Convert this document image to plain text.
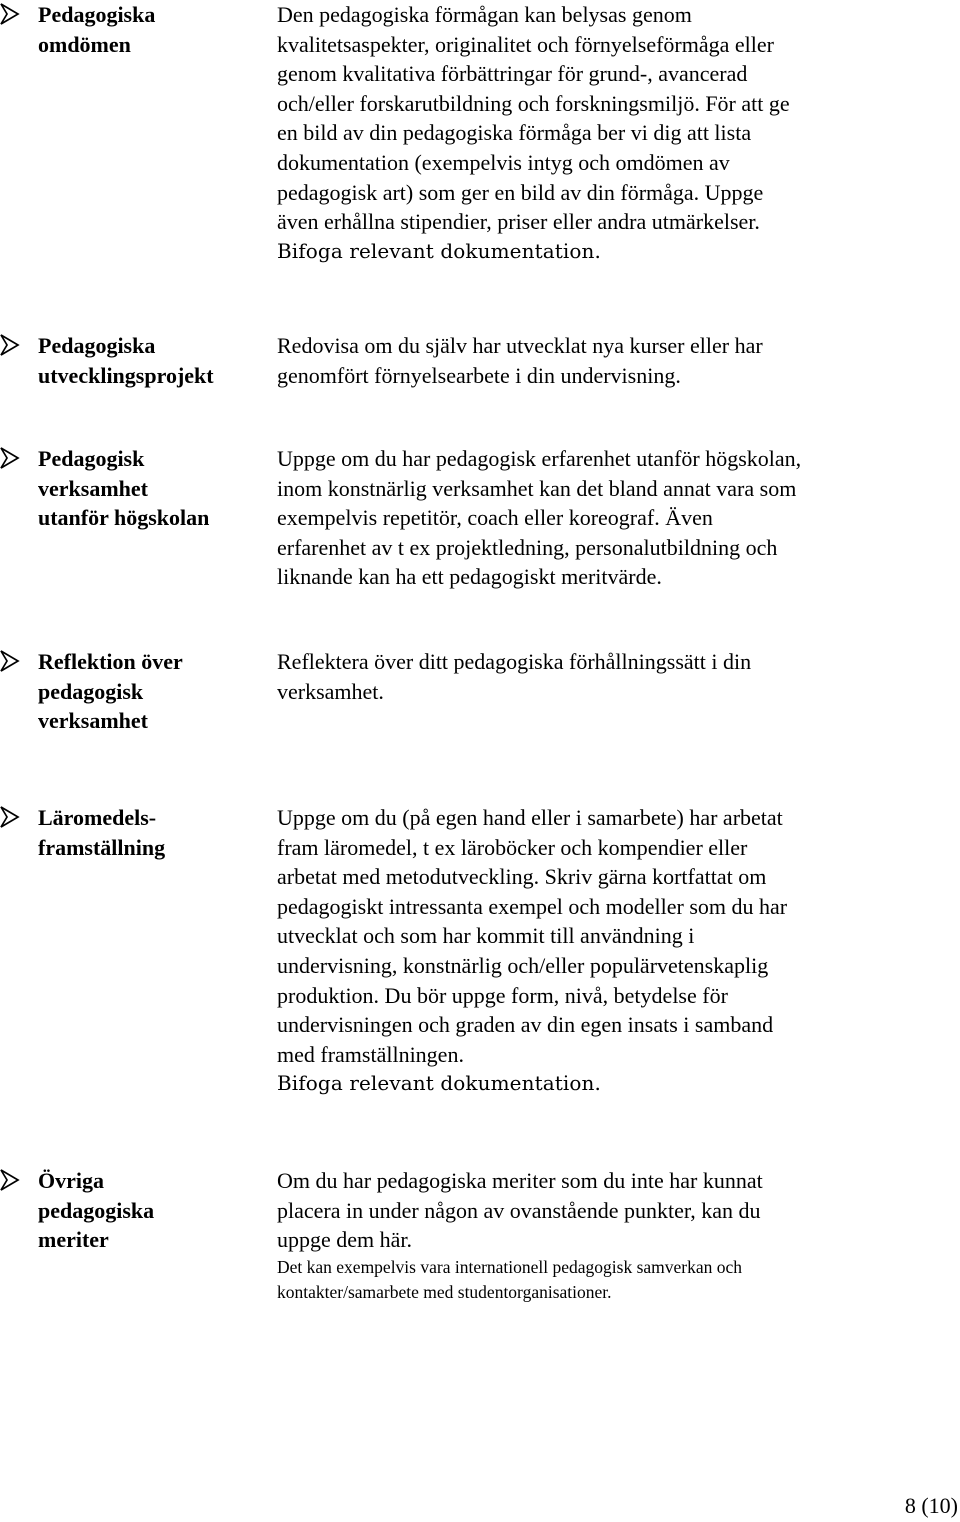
Pedagogiska
omdömen

Den pedagogiska förmågan kan belysas genom
kvalitetsaspekter, originalitet och förnyelseförmåga eller
genom kvalitativa förbättringar för grund-, avancerad
och/eller forskarutbildning och forskningsmiljö. För att ge
en bild av din pedagogiska förmåga ber vi dig att lista
dokumentation (exempelvis intyg och omdömen av
pedagogisk art) som ger en bild av din förmåga. Uppge
även erhållna stipendier, priser eller andra utmärkelser.

Bifoga relevant dokumentation.

Pedagogiska
utvecklingsprojekt

Redovisa om du själv har utvecklat nya kurser eller har
genomfört förnyelsearbete i din undervisning.

Pedagogisk
verksamhet
utanför högskolan

Uppge om du har pedagogisk erfarenhet utanför högskolan,
inom konstnärlig verksamhet kan det bland annat vara som
exempelvis repetitör, coach eller koreograf. Även
erfarenhet av t ex projektledning, personalutbildning och
liknande kan ha ett pedagogiskt meritvärde.

Reflektion över
pedagogisk
verksamhet

Reflektera över ditt pedagogiska förhållningssätt i din
verksamhet.

Läromedels-
framställning

Uppge om du (på egen hand eller i samarbete) har arbetat
fram läromedel, t ex läroböcker och kompendier eller
arbetat med metodutveckling. Skriv gärna kortfattat om
pedagogiskt intressanta exempel och modeller som du har
utvecklat och som har kommit till användning i
undervisning, konstnärlig och/eller populärvetenskaplig
produktion. Du bör uppge form, nivå, betydelse för
undervisningen och graden av din egen insats i samband
med framställningen.

Bifoga relevant dokumentation.

Övriga
pedagogiska
meriter

Om du har pedagogiska meriter som du inte har kunnat
placera in under någon av ovanstående punkter, kan du
uppge dem här.

Det kan exempelvis vara internationell pedagogisk samverkan och
kontakter/samarbete med studentorganisationer.

8 (10)
